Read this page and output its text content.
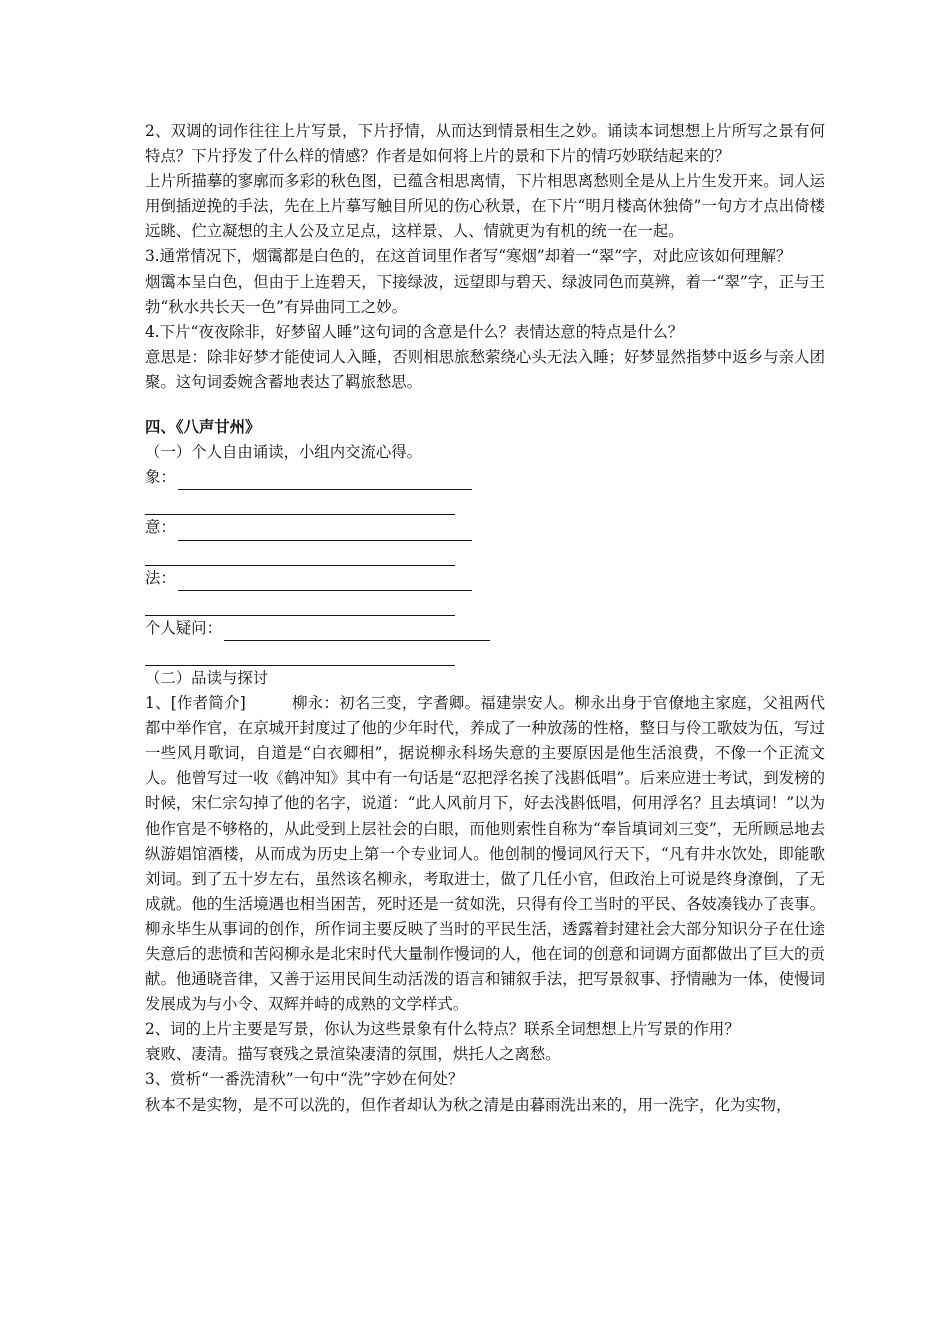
2、双调的词作往往上片写景，下片抒情，从而达到情景相生之妙。诵读本词想想上片所写之景有何特点？下片抒发了什么样的情感？作者是如何将上片的景和下片的情巧妙联结起来的？

上片所描摹的寥廓而多彩的秋色图，已蕴含相思离情，下片相思离愁则全是从上片生发开来。词人运用倒插逆挽的手法，先在上片摹写触目所见的伤心秋景，在下片“明月楼高休独倚”一句方才点出倚楼远眺、伫立凝想的主人公及立足点，这样景、人、情就更为有机的统一在一起。

3.通常情况下，烟霭都是白色的，在这首词里作者写“寒烟”却着一“翠”字，对此应该如何理解？

烟霭本呈白色，但由于上连碧天，下接绿波，远望即与碧天、绿波同色而莫辨，着一“翠”字，正与王勃“秋水共长天一色”有异曲同工之妙。

4.下片“夜夜除非，好梦留人睡”这句词的含意是什么？表情达意的特点是什么？

意思是：除非好梦才能使词人入睡，否则相思旅愁萦绕心头无法入睡；好梦显然指梦中返乡与亲人团聚。这句词委婉含蓄地表达了羁旅愁思。

四、《八声甘州》

（一）个人自由诵读，小组内交流心得。

象：
意：
法：
个人疑问：

（二）品读与探讨

1、[作者简介]	柳永：初名三变，字耆卿。福建崇安人。柳永出身于官僚地主家庭，父祖两代都中举作官，在京城开封度过了他的少年时代，养成了一种放荡的性格，整日与伶工歌妓为伍，写过一些风月歌词，自道是“白衣卿相”，据说柳永科场失意的主要原因是他生活浪费，不像一个正流文人。他曾写过一收《鹤冲知》其中有一句话是“忍把浮名挨了浅斟低唱”。后来应进士考试，到发榜的时候，宋仁宗勾掉了他的名字，说道：“此人风前月下，好去浅斟低唱，何用浮名？且去填词！”以为他作官是不够格的，从此受到上层社会的白眼，而他则索性自称为“奉旨填词刘三变”，无所顾忌地去纵游娼馆酒楼，从而成为历史上第一个专业词人。他创制的慢词风行天下，“凡有井水饮处，即能歌刘词。到了五十岁左右，虽然该名柳永，考取进士，做了几任小官，但政治上可说是终身潦倒，了无成就。他的生活境遇也相当困苦，死时还是一贫如洗，只得有伶工当时的平民、各妓凑钱办了丧事。柳永毕生从事词的创作，所作词主要反映了当时的平民生活，透露着封建社会大部分知识分子在仕途失意后的悲愤和苦闷柳永是北宋时代大量制作慢词的人，他在词的创意和词调方面都做出了巨大的贡献。他通晓音律，又善于运用民间生动活泼的语言和铺叙手法，把写景叙事、抒情融为一体，使慢词发展成为与小令、双辉并峙的成熟的文学样式。

2、词的上片主要是写景，你认为这些景象有什么特点？联系全词想想上片写景的作用？

衰败、凄清。描写衰残之景渲染凄清的氛围，烘托人之离愁。

3、赏析“一番洗清秋”一句中“洗”字妙在何处？

秋本不是实物，是不可以洗的，但作者却认为秋之清是由暮雨洗出来的，用一洗字，化为实物，
